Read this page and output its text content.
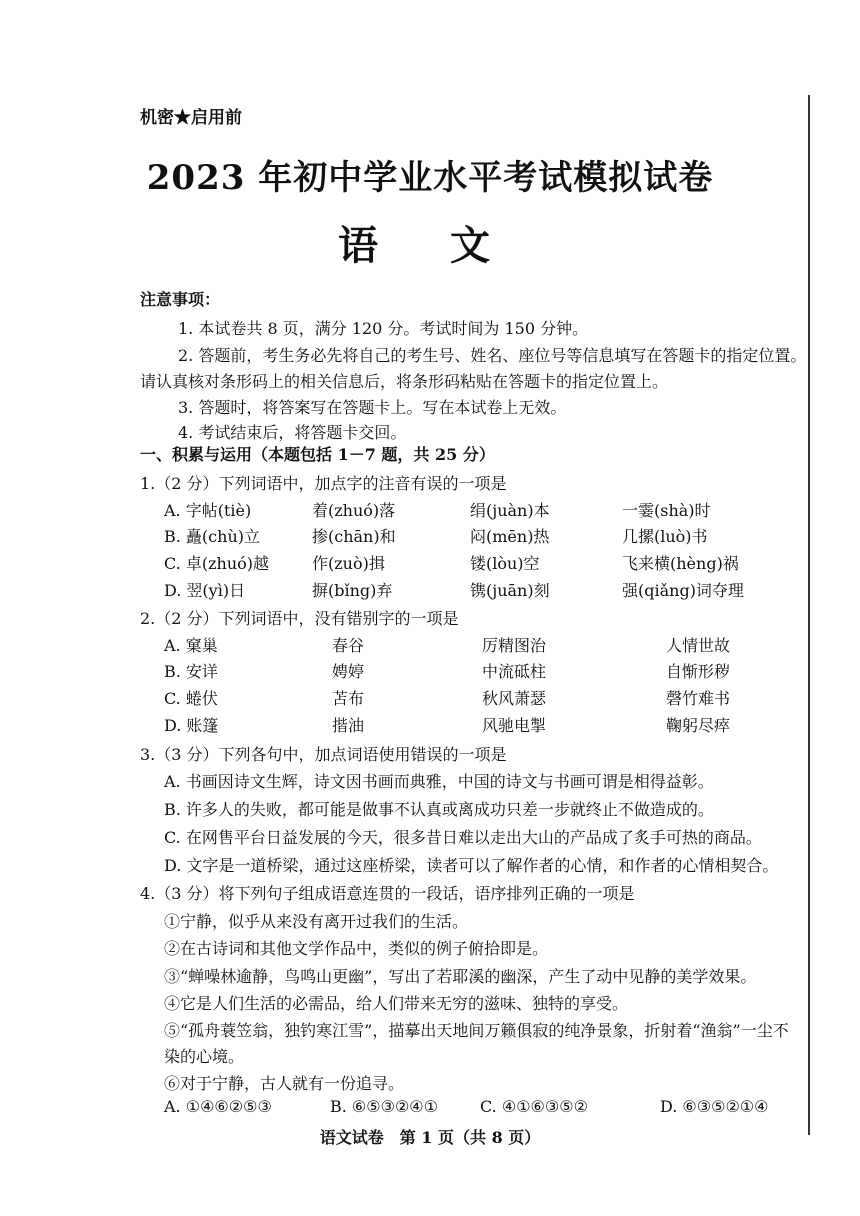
机密★启用前
2023 年初中学业水平考试模拟试卷
语文
注意事项：
1. 本试卷共 8 页，满分 120 分。考试时间为 150 分钟。
2. 答题前，考生务必先将自己的考生号、姓名、座位号等信息填写在答题卡的指定位置。
请认真核对条形码上的相关信息后，将条形码粘贴在答题卡的指定位置上。
3. 答题时，将答案写在答题卡上。写在本试卷上无效。
4. 考试结束后，将答题卡交回。
一、积累与运用（本题包括 1－7 题，共 25 分）
1.（2 分）下列词语中，加点字的注音有误的一项是
A. 字帖(tiè)	着(zhuó)落	绢(juàn)本	一霎(shà)时
B. 矗(chù)立	掺(chān)和	闷(mēn)热	几摞(luò)书
C. 卓(zhuó)越	作(zuò)揖	镂(lòu)空	飞来横(hèng)祸
D. 翌(yì)日	摒(bǐng)弃	镌(juān)刻	强(qiǎng)词夺理
2.（2 分）下列词语中，没有错别字的一项是
A. 窠巢	春谷	厉精图治	人情世故
B. 安详	娉婷	中流砥柱	自惭形秽
C. 蜷伏	苫布	秋风萧瑟	磬竹难书
D. 账篷	揩油	风驰电掣	鞠躬尽瘁
3.（3 分）下列各句中，加点词语使用错误的一项是
A. 书画因诗文生辉，诗文因书画而典雅，中国的诗文与书画可谓是相得益彰。
B. 许多人的失败，都可能是做事不认真或离成功只差一步就终止不做造成的。
C. 在网售平台日益发展的今天，很多昔日难以走出大山的产品成了炙手可热的商品。
D. 文字是一道桥梁，通过这座桥梁，读者可以了解作者的心情，和作者的心情相契合。
4.（3 分）将下列句子组成语意连贯的一段话，语序排列正确的一项是
①宁静，似乎从来没有离开过我们的生活。
②在古诗词和其他文学作品中，类似的例子俯拾即是。
③“蝉噪林逾静，鸟鸣山更幽”，写出了若耶溪的幽深，产生了动中见静的美学效果。
④它是人们生活的必需品，给人们带来无穷的滋味、独特的享受。
⑤“孤舟蓑笠翁，独钓寒江雪”，描摹出天地间万籁俱寂的纯净景象，折射着“渔翁”一尘不
染的心境。
⑥对于宁静，古人就有一份追寻。
A. ①④⑥②⑤③	B. ⑥⑤③②④①	C. ④①⑥③⑤②	D. ⑥③⑤②①④
语文试卷　第 1 页（共 8 页）
